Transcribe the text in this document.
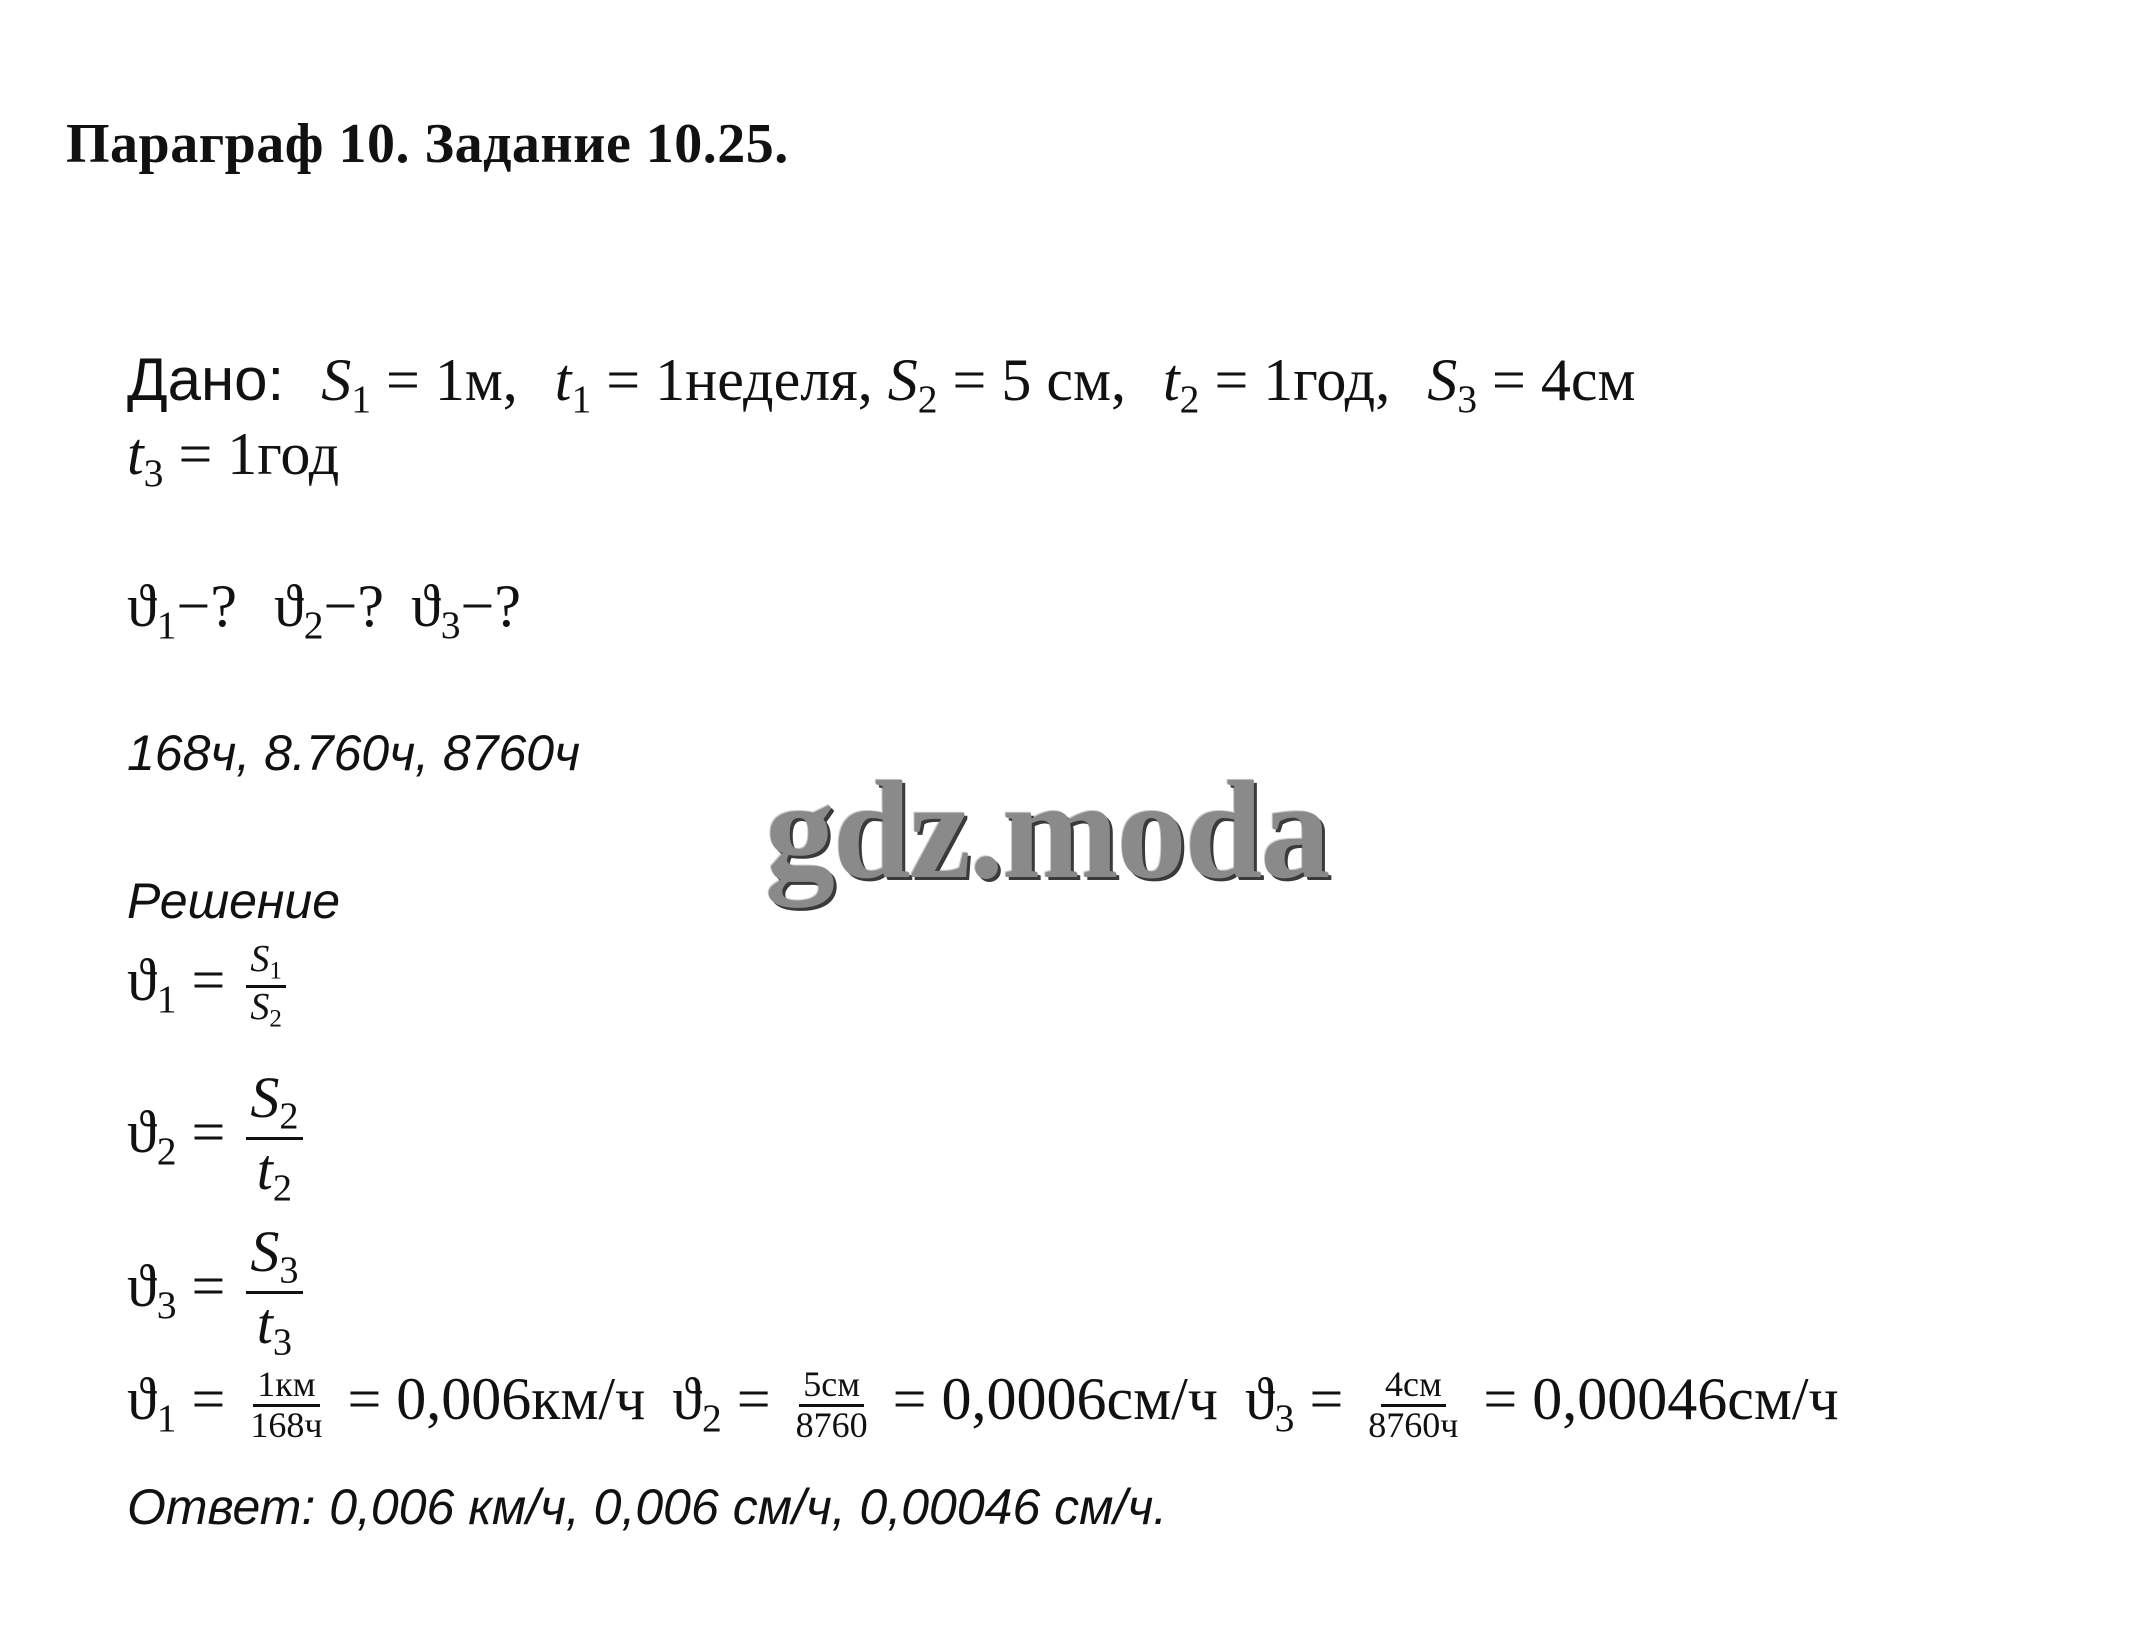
Параграф 10. Задание 10.25.
Дано: $S_1 = 1м$, $t_1$ = 1неделя, $S_2 = 5$ см, $t_2 = 1год$, $S_3 = 4см$
$t_3 = 1год$
$ϑ_1-$? $ϑ_2-$? $ϑ_3-$?
168ч, 8.760ч, 8760ч
Решение
$ϑ_1 = \frac{S_1}{S_2}$
$ϑ_2 = \frac{S_2}{t_2}$
$ϑ_3 = \frac{S_3}{t_3}$
$ϑ_1 = \frac{1км}{168ч} = 0,006км/ч$ $ϑ_2 = \frac{5см}{8760} = 0,0006см/ч$ $ϑ_3 = \frac{4см}{8760ч} = 0,00046см/ч$
Ответ: 0,006 км/ч, 0,006 см/ч, 0,00046 см/ч.
gdz.moda
